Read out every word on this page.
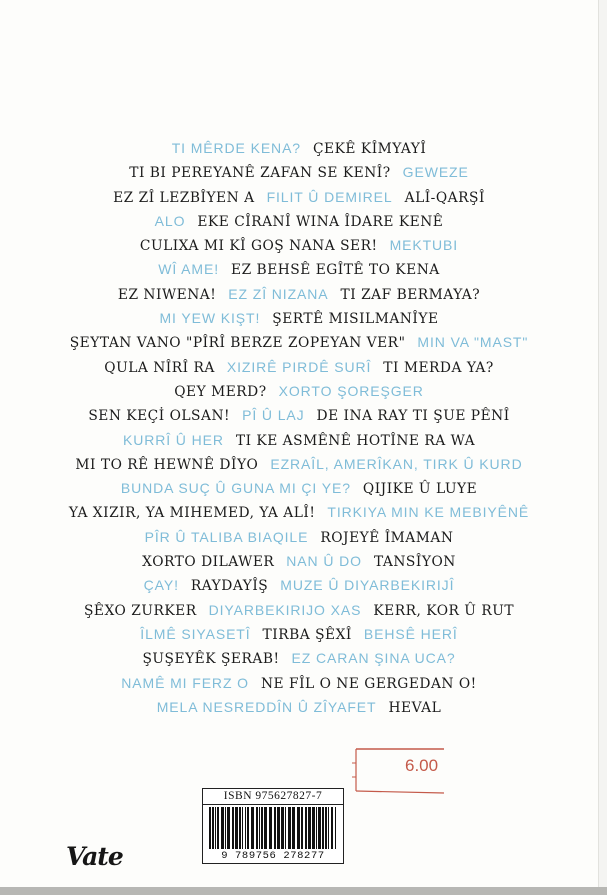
TI MÊRDE KENA? ÇEKÊ KÎMYAYÎ
TI BI PEREYANÊ ZAFAN SE KENÎ? GEWEZE
EZ ZÎ LEZBÎYEN A FILIT Û DEMIREL ALÎ-QARŞÎ
ALO EKE CÎRANÎ WINA ÎDARE KENÊ
CULIXA MI KÎ GOŞ NANA SER! MEKTUBI
WÎ AME! EZ BEHSÊ EGÎTÊ TO KENA
EZ NIWENA! EZ ZÎ NIZANA TI ZAF BERMAYA?
MI YEW KIŞT! ŞERTÊ MISILMANÎYE
ŞEYTAN VANO "PÎRÎ BERZE ZOPEYAN VER" MIN VA "MAST"
QULA NÎRÎ RA XIZIRÊ PIRDÊ SURÎ TI MERDA YA?
QEY MERD? XORTO ŞOREŞGER
SEN KEÇİ OLSAN! PÎ Û LAJ DE INA RAY TI ŞUE PÊNÎ
KURRÎ Û HER TI KE ASMÊNÊ HOTÎNE RA WA
MI TO RÊ HEWNÊ DÎYO EZRAÎL, AMERÎKAN, TIRK Û KURD
BUNDA SUÇ Û GUNA MI ÇI YE? QIJIKE Û LUYE
YA XIZIR, YA MIHEMED, YA ALÎ! TIRKIYA MIN KE MEBIYÊNÊ
PÎR Û TALIBA BIAQILE ROJEYÊ ÎMAMAN
XORTO DILAWER NAN Û DO TANSÎYON
ÇAY! RAYDAYÎŞ MUZE Û DIYARBEKIRIJÎ
ŞÊXO ZURKER DIYARBEKIRIJO XAS KERR, KOR Û RUT
ÎLMÊ SIYASETÎ TIRBA ŞÊXÎ BEHSÊ HERÎ
ŞUŞEYÊK ŞERAB! EZ CARAN ŞINA UCA?
NAMÊ MI FERZ O NE FÎL O NE GERGEDAN O!
MELA NESREDDÎN Û ZÎYAFET HEVAL
6.00
ISBN 975627827-7
9 789756 278277
Vate
